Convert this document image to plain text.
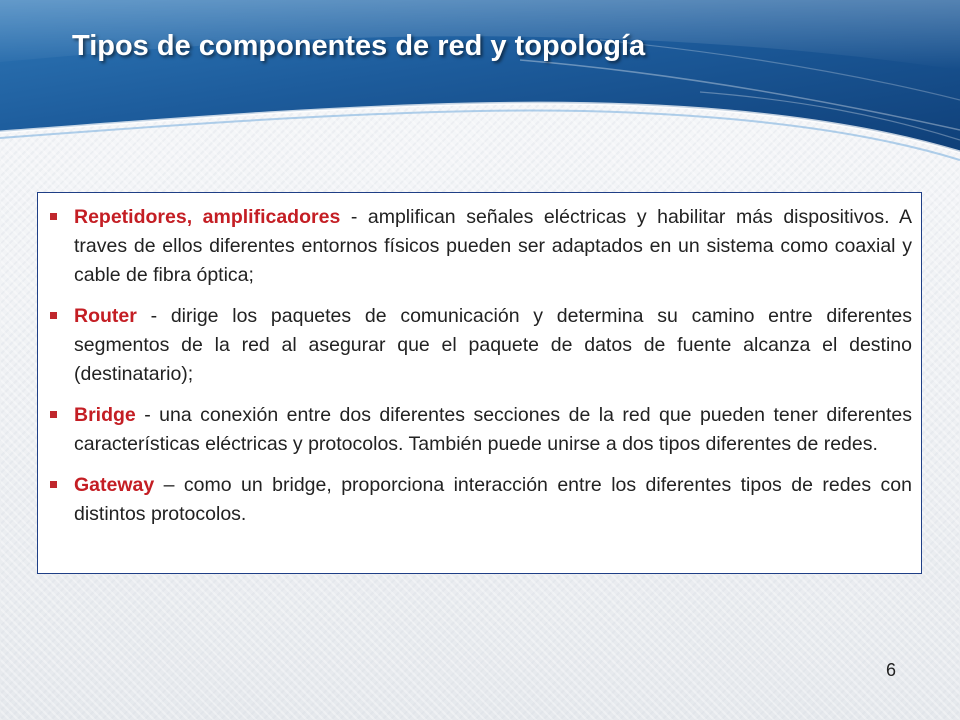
Tipos de componentes de red y topología
Repetidores, amplificadores - amplifican señales eléctricas y habilitar más dispositivos. A traves de ellos diferentes entornos físicos pueden ser adaptados en un sistema como coaxial y cable de fibra óptica;
Router - dirige los paquetes de comunicación y determina su camino entre diferentes segmentos de la red al asegurar que el paquete de datos de fuente alcanza el destino (destinatario);
Bridge - una conexión entre dos diferentes secciones de la red que pueden tener diferentes características eléctricas y protocolos. También puede unirse a dos tipos diferentes de redes.
Gateway – como un bridge, proporciona interacción entre los diferentes tipos de redes con distintos protocolos.
6
